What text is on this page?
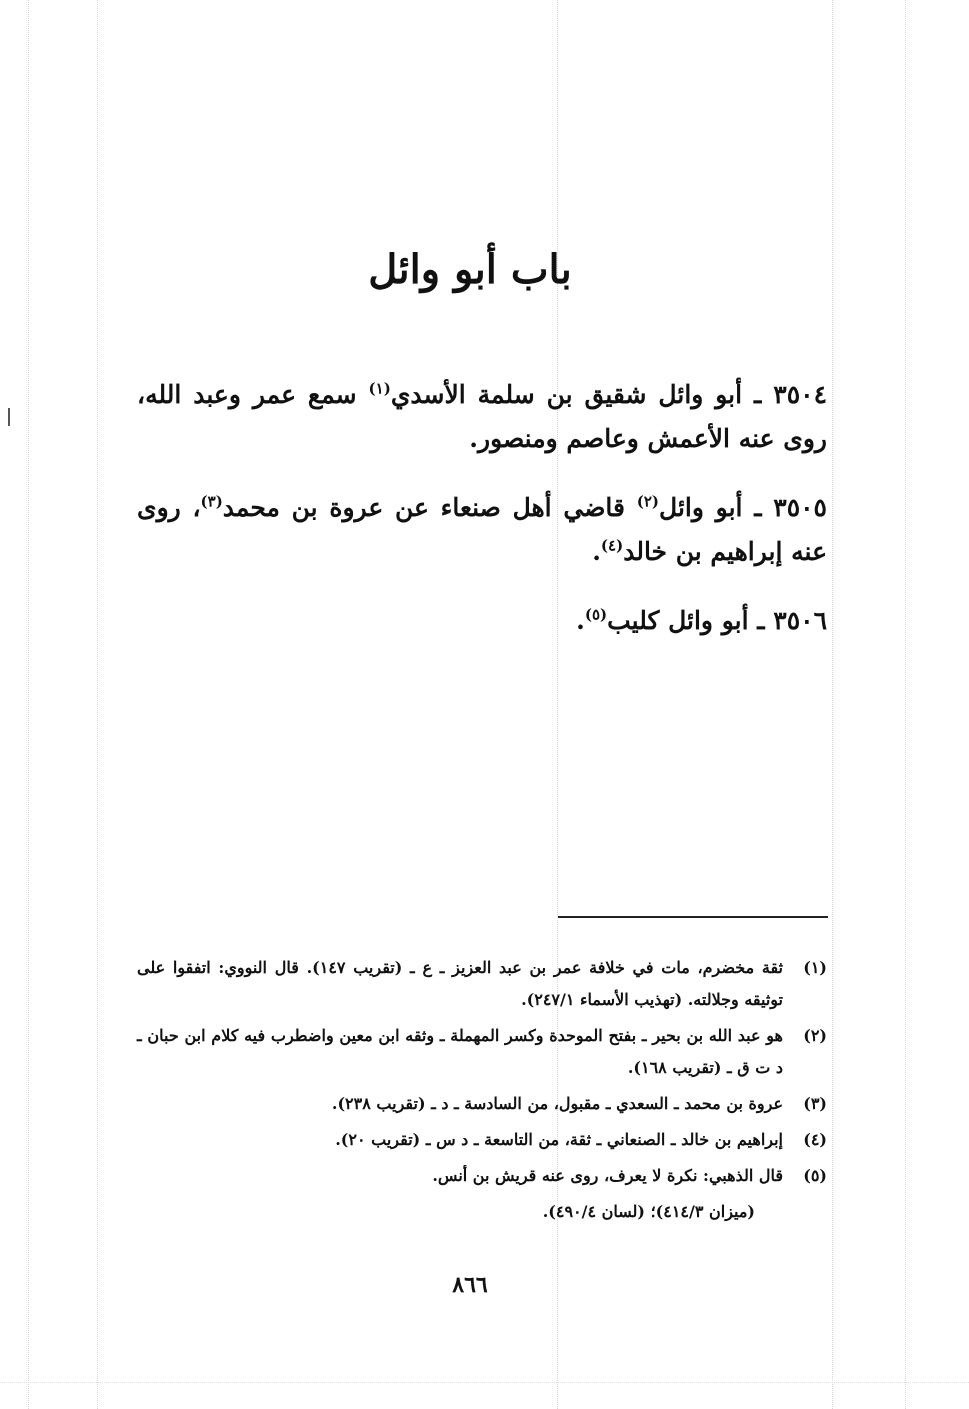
باب أبو وائل

٣٥٠٤ ـ أبو وائل شقيق بن سلمة الأسدي$^{(١)}$ سمع عمر وعبد الله، روى عنه الأعمش وعاصم ومنصور.

٣٥٠٥ ـ أبو وائل$^{(٢)}$ قاضي أهل صنعاء عن عروة بن محمد$^{(٣)}$، روى عنه إبراهيم بن خالد$^{(٤)}$.

٣٥٠٦ ـ أبو وائل كليب$^{(٥)}$.

(١)
ثقة مخضرم، مات في خلافة عمر بن عبد العزيز ـ ع ـ (تقريب ١٤٧). قال النووي: اتفقوا على توثيقه وجلالته. (تهذيب الأسماء ٢٤٧/١).
(٢)
هو عبد الله بن بحير ـ بفتح الموحدة وكسر المهملة ـ وثقه ابن معين واضطرب فيه كلام ابن حبان ـ د ت ق ـ (تقريب ١٦٨).
(٣)
عروة بن محمد ـ السعدي ـ مقبول، من السادسة ـ د ـ (تقريب ٢٣٨).
(٤)
إبراهيم بن خالد ـ الصنعاني ـ ثقة، من التاسعة ـ د س ـ (تقريب ٢٠).
(٥)
قال الذهبي: نكرة لا يعرف، روى عنه قريش بن أنس.
(ميزان ٤١٤/٣)؛ (لسان ٤٩٠/٤).
٨٦٦
